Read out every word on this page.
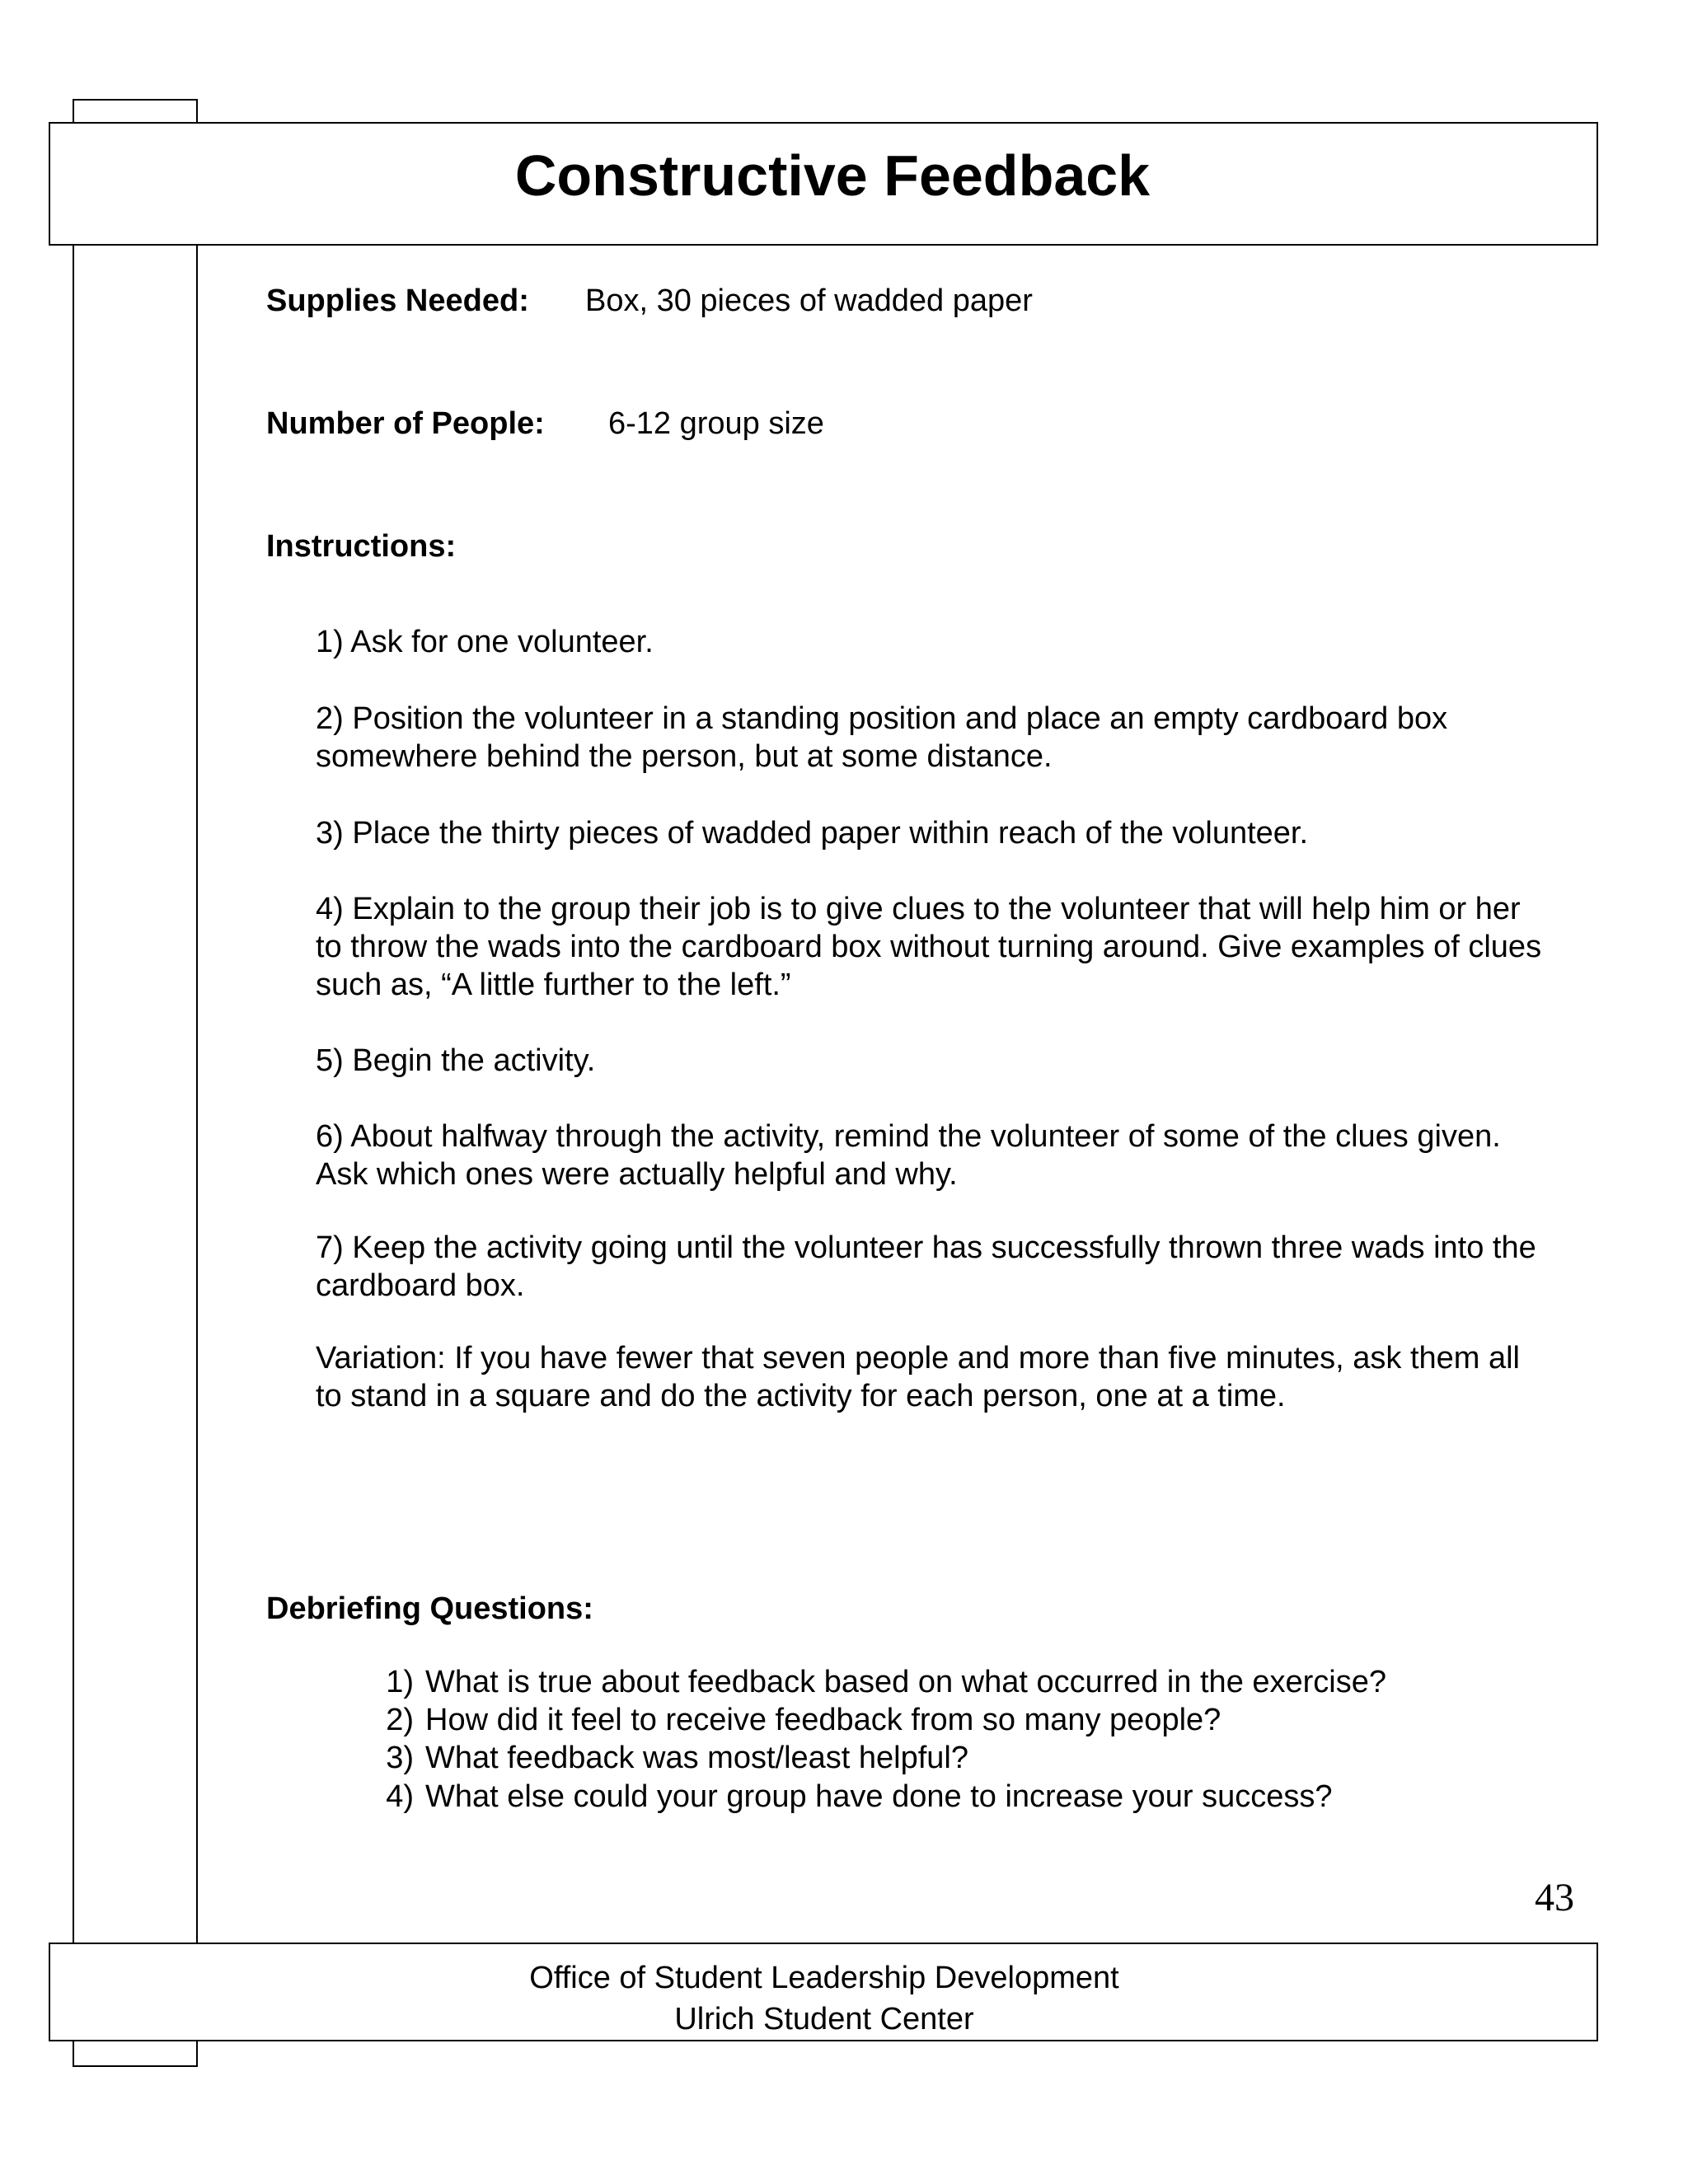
Constructive Feedback
Supplies Needed: Box, 30 pieces of wadded paper
Number of People: 6-12 group size
Instructions:
1) Ask for one volunteer.
2) Position the volunteer in a standing position and place an empty cardboard box somewhere behind the person, but at some distance.
3) Place the thirty pieces of wadded paper within reach of the volunteer.
4) Explain to the group their job is to give clues to the volunteer that will help him or her to throw the wads into the cardboard box without turning around. Give examples of clues such as, “A little further to the left.”
5) Begin the activity.
6) About halfway through the activity, remind the volunteer of some of the clues given. Ask which ones were actually helpful and why.
7) Keep the activity going until the volunteer has successfully thrown three wads into the cardboard box.
Variation: If you have fewer that seven people and more than five minutes, ask them all to stand in a square and do the activity for each person, one at a time.
Debriefing Questions:
1) What is true about feedback based on what occurred in the exercise?
2) How did it feel to receive feedback from so many people?
3) What feedback was most/least helpful?
4) What else could your group have done to increase your success?
43
Office of Student Leadership Development
Ulrich Student Center
